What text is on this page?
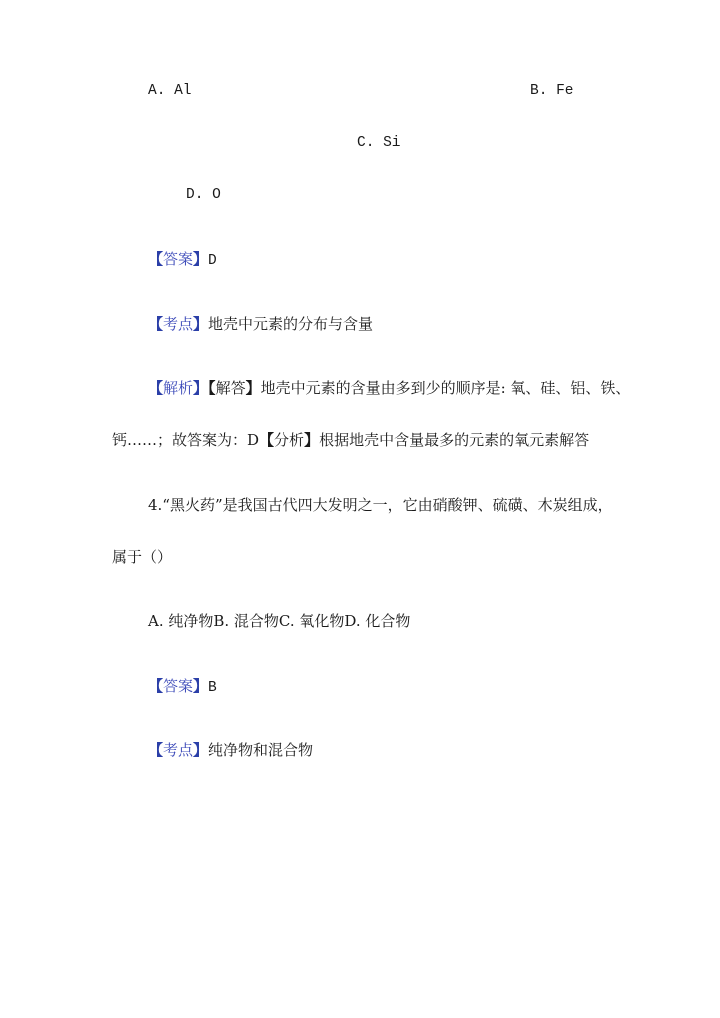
A. Al	B. Fe
C. Si
D. O
【答案】D
【考点】地壳中元素的分布与含量
【解析】【解答】地壳中元素的含量由多到少的顺序是: 氧、硅、铝、铁、
钙……；故答案为：D【分析】根据地壳中含量最多的元素的氧元素解答
4.“黑火药”是我国古代四大发明之一，它由硝酸钾、硫磺、木炭组成，
属于（）
A. 纯净物B. 混合物C. 氧化物D. 化合物
【答案】B
【考点】纯净物和混合物
